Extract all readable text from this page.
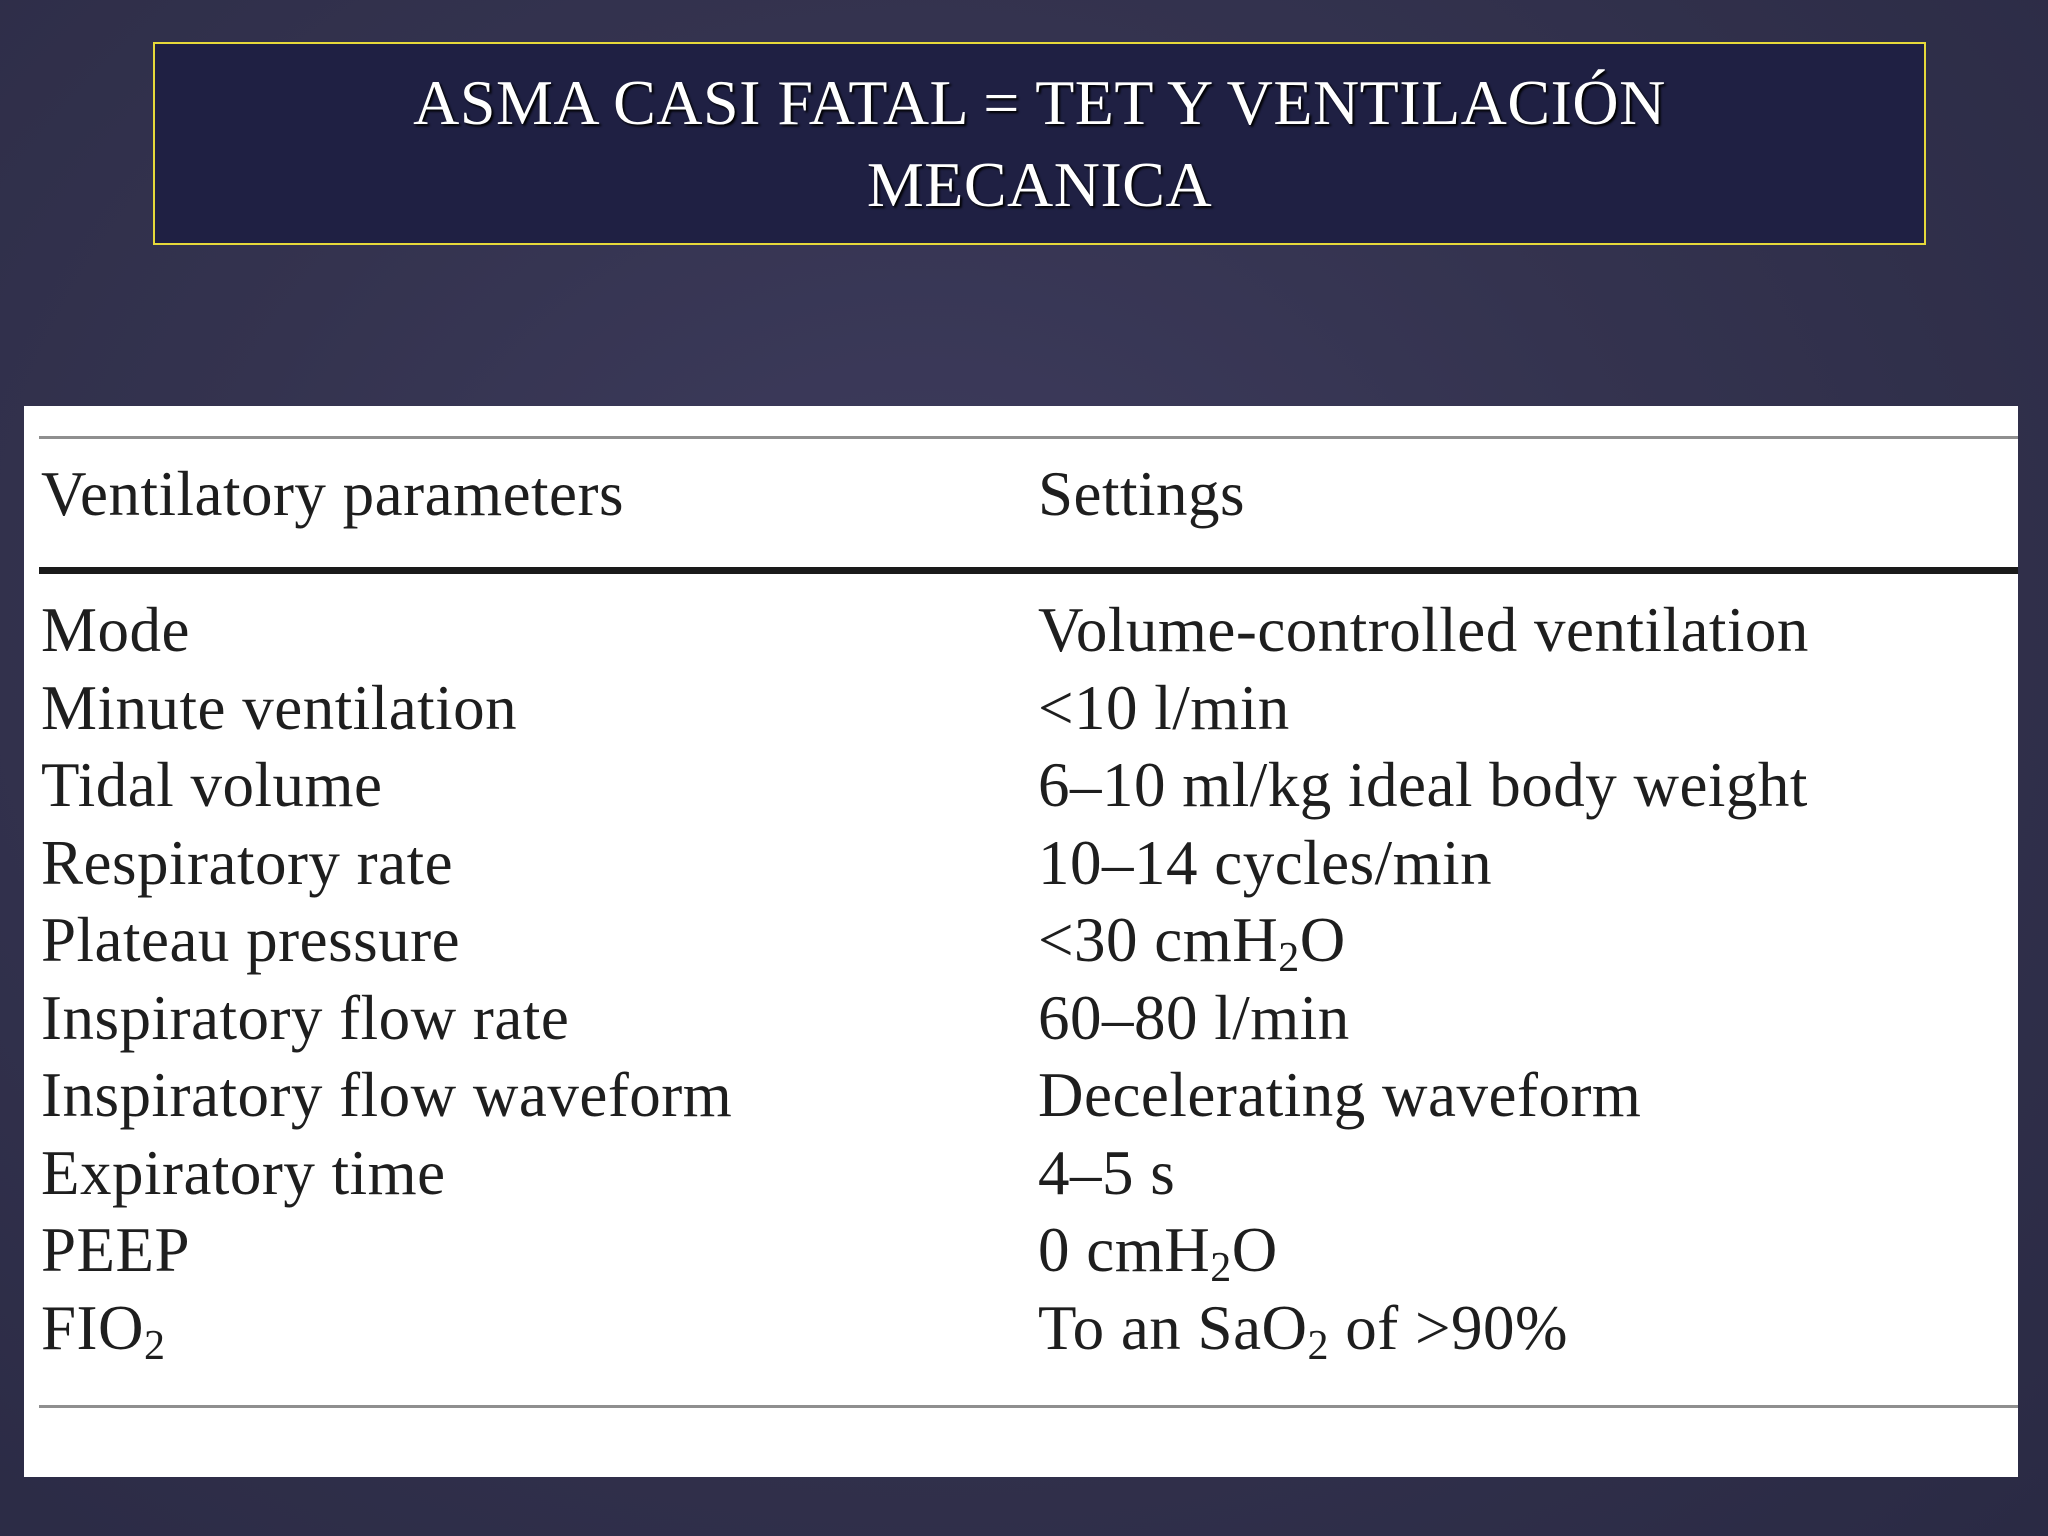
ASMA CASI FATAL = TET Y VENTILACIÓN
MECANICA
Ventilatory parameters	Settings
Mode	Volume-controlled ventilation
Minute ventilation	<10 l/min
Tidal volume	6–10 ml/kg ideal body weight
Respiratory rate	10–14 cycles/min
Plateau pressure	<30 cmH$_2$O
Inspiratory flow rate	60–80 l/min
Inspiratory flow waveform	Decelerating waveform
Expiratory time	4–5 s
PEEP	0 cmH$_2$O
$FIO_2$	To an SaO$_2$ of >90%
